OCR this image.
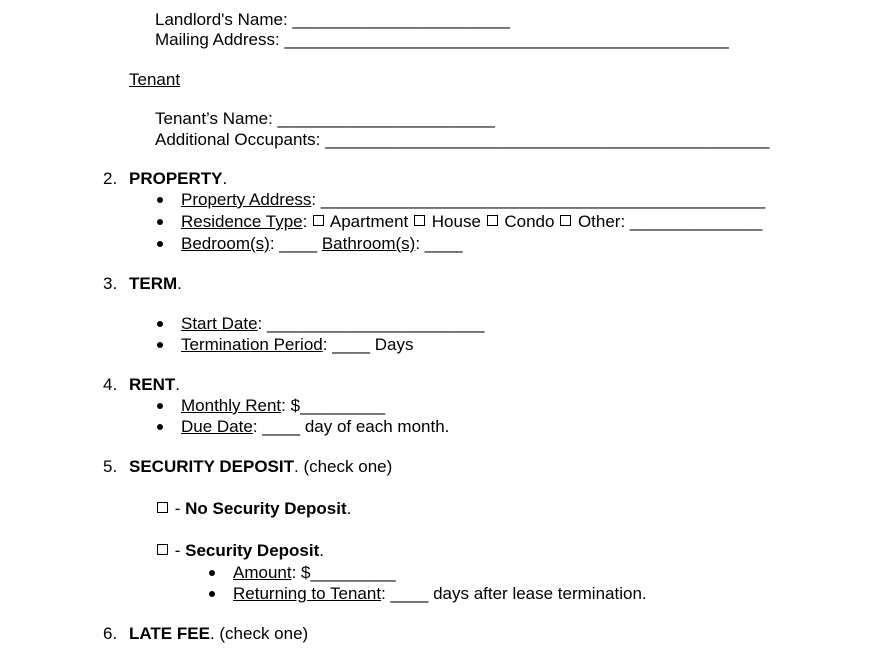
Landlord's Name: _______________________
Mailing Address: _______________________________________________
Tenant
Tenant’s Name: _______________________
Additional Occupants: _______________________________________________
2. PROPERTY.
Property Address: _______________________________________________
Residence Type:  Apartment House Condo Other: ______________
Bedroom(s): ____ Bathroom(s): ____
3. TERM.
Start Date: _______________________
Termination Period: ____ Days
4. RENT.
Monthly Rent: $_________
Due Date: ____ day of each month.
5. SECURITY DEPOSIT. (check one)
- No Security Deposit.
- Security Deposit.
Amount: $_________
Returning to Tenant: ____ days after lease termination.
6. LATE FEE. (check one)
